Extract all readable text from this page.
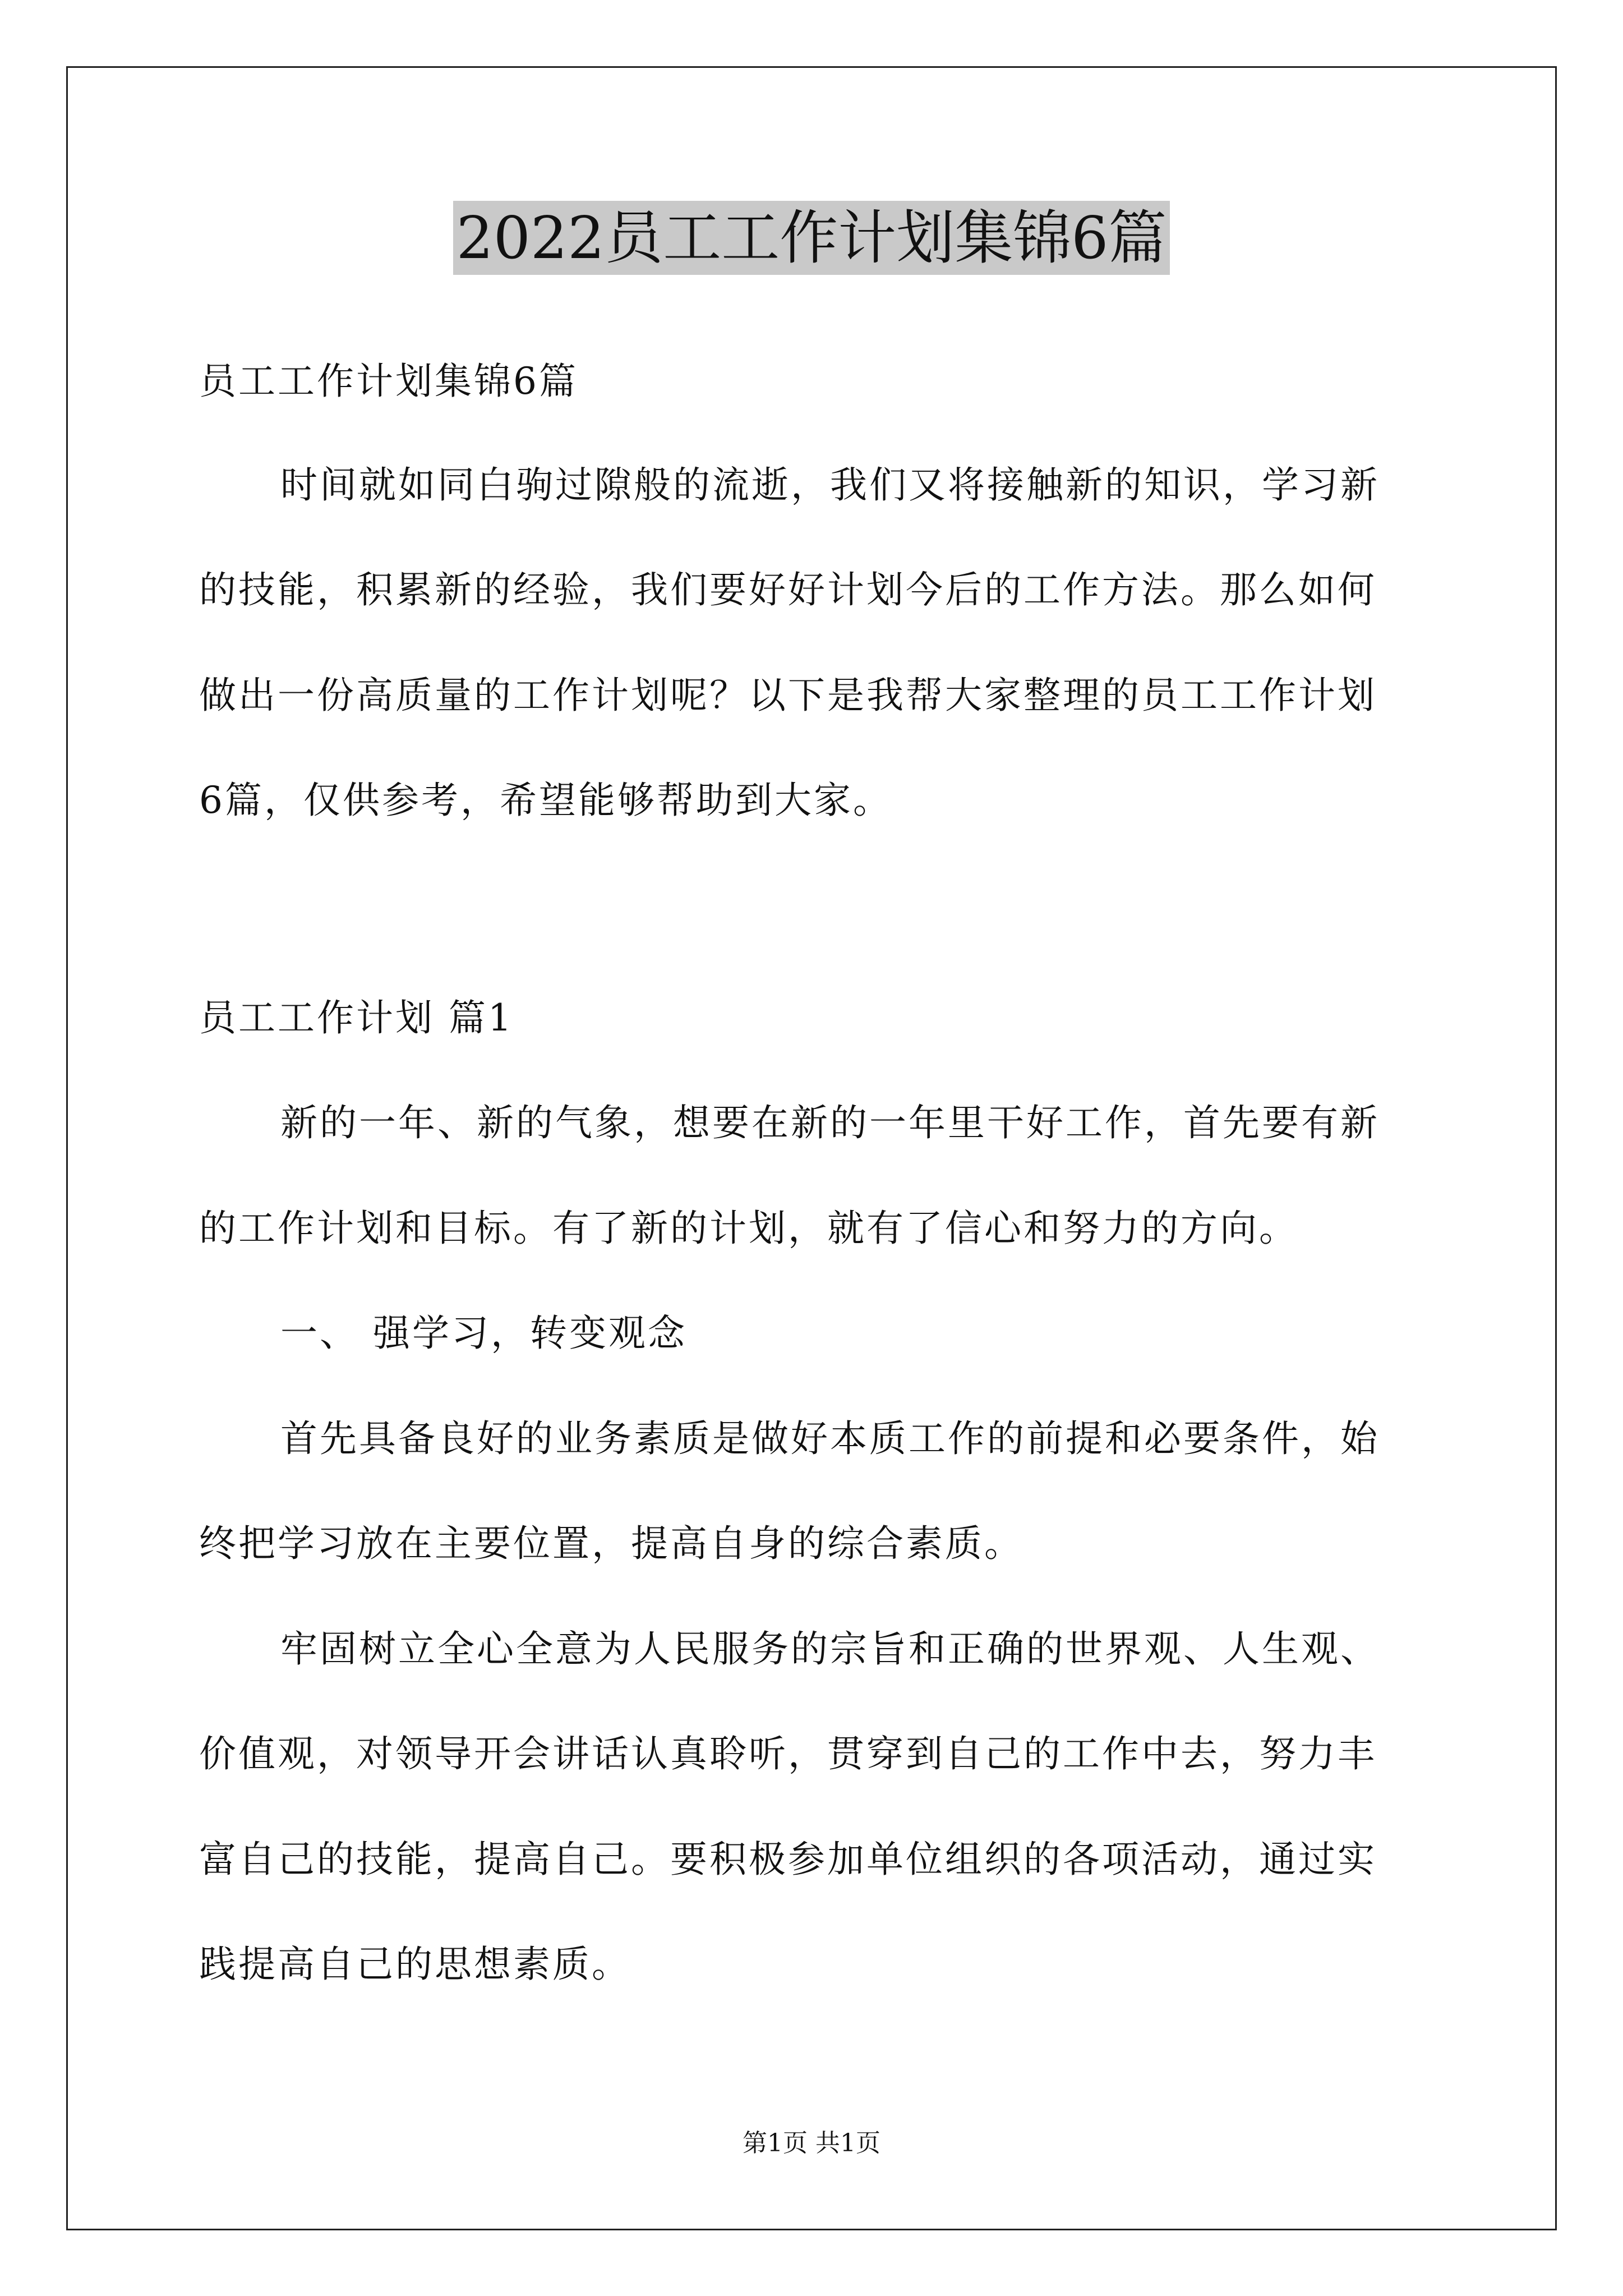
2022员工工作计划集锦6篇
员工工作计划集锦6篇
时间就如同白驹过隙般的流逝，我们又将接触新的知识，学习新
的技能，积累新的经验，我们要好好计划今后的工作方法。那么如何
做出一份高质量的工作计划呢？以下是我帮大家整理的员工工作计划
6篇，仅供参考，希望能够帮助到大家。
员工工作计划 篇1
新的一年、新的气象，想要在新的一年里干好工作，首先要有新
的工作计划和目标。有了新的计划，就有了信心和努力的方向。
一、 强学习，转变观念
首先具备良好的业务素质是做好本质工作的前提和必要条件，始
终把学习放在主要位置，提高自身的综合素质。
牢固树立全心全意为人民服务的宗旨和正确的世界观、人生观、
价值观，对领导开会讲话认真聆听，贯穿到自己的工作中去，努力丰
富自己的技能，提高自己。要积极参加单位组织的各项活动，通过实
践提高自己的思想素质。
第1页 共1页
